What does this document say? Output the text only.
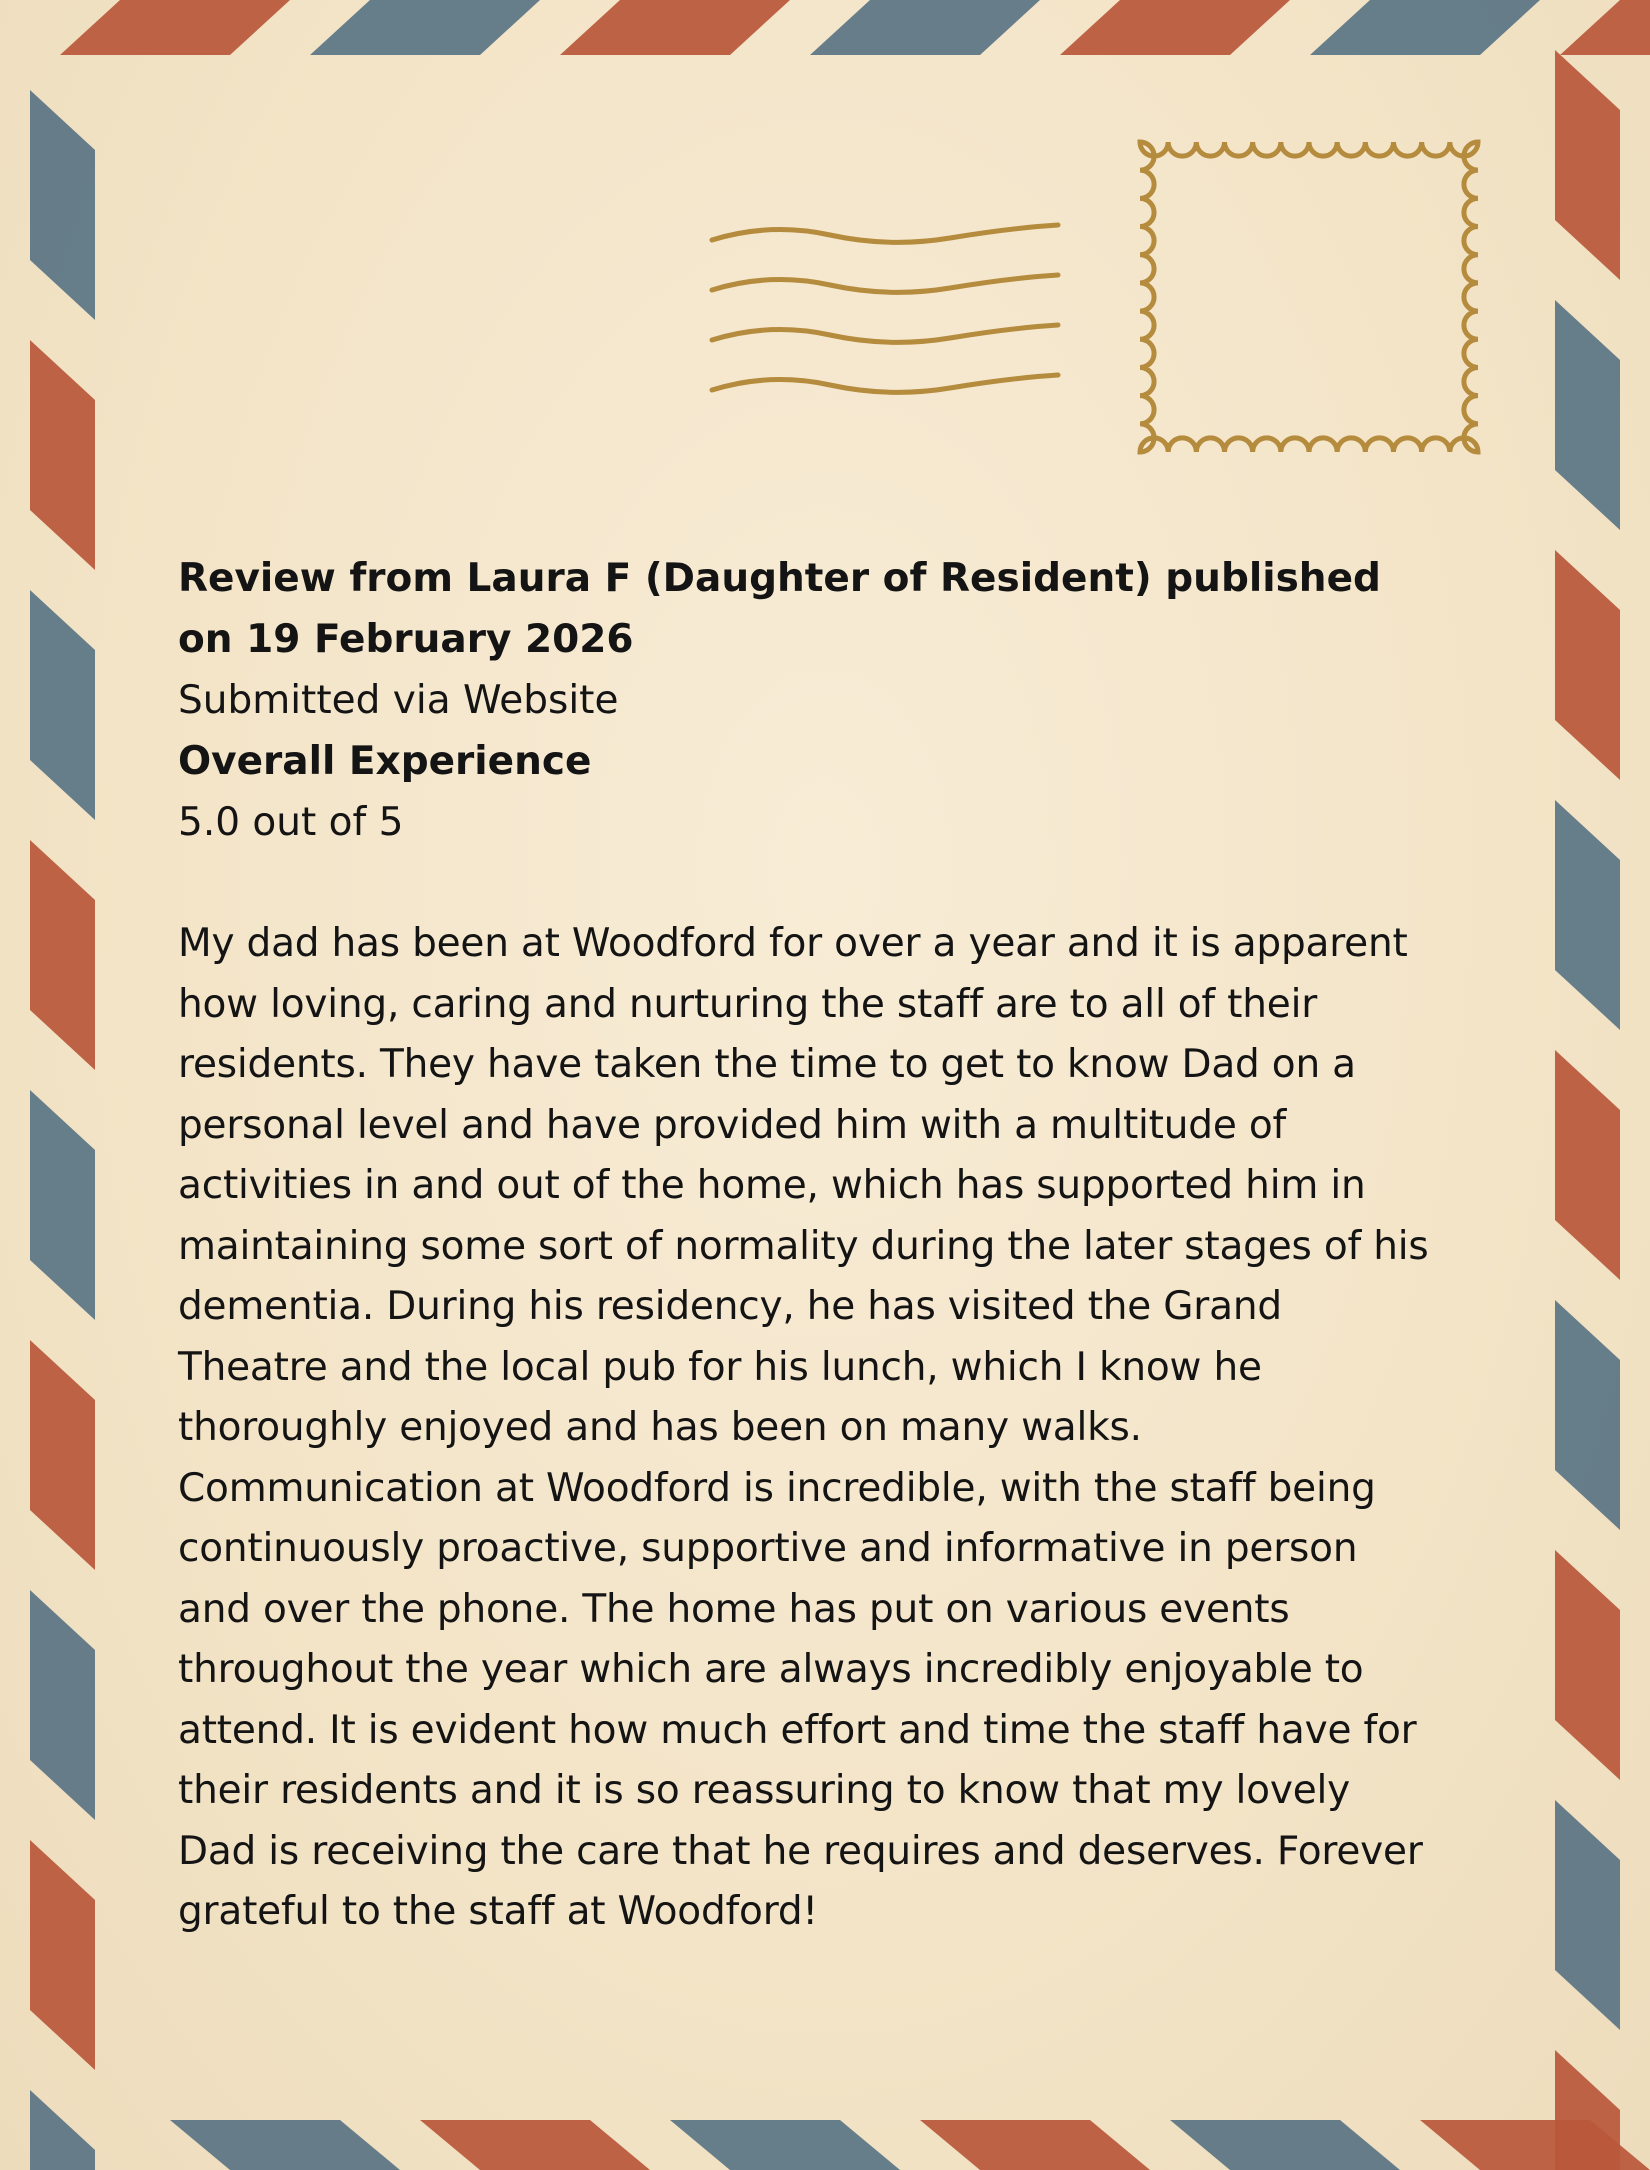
Review from Laura F (Daughter of Resident) published on 19 February 2026

Submitted via Website

Overall Experience

5.0 out of 5

My dad has been at Woodford for over a year and it is apparent how loving, caring and nurturing the staff are to all of their residents. They have taken the time to get to know Dad on a personal level and have provided him with a multitude of activities in and out of the home, which has supported him in maintaining some sort of normality during the later stages of his dementia. During his residency, he has visited the Grand Theatre and the local pub for his lunch, which I know he thoroughly enjoyed and has been on many walks. Communication at Woodford is incredible, with the staff being continuously proactive, supportive and informative in person and over the phone. The home has put on various events throughout the year which are always incredibly enjoyable to attend. It is evident how much effort and time the staff have for their residents and it is so reassuring to know that my lovely Dad is receiving the care that he requires and deserves. Forever grateful to the staff at Woodford!
